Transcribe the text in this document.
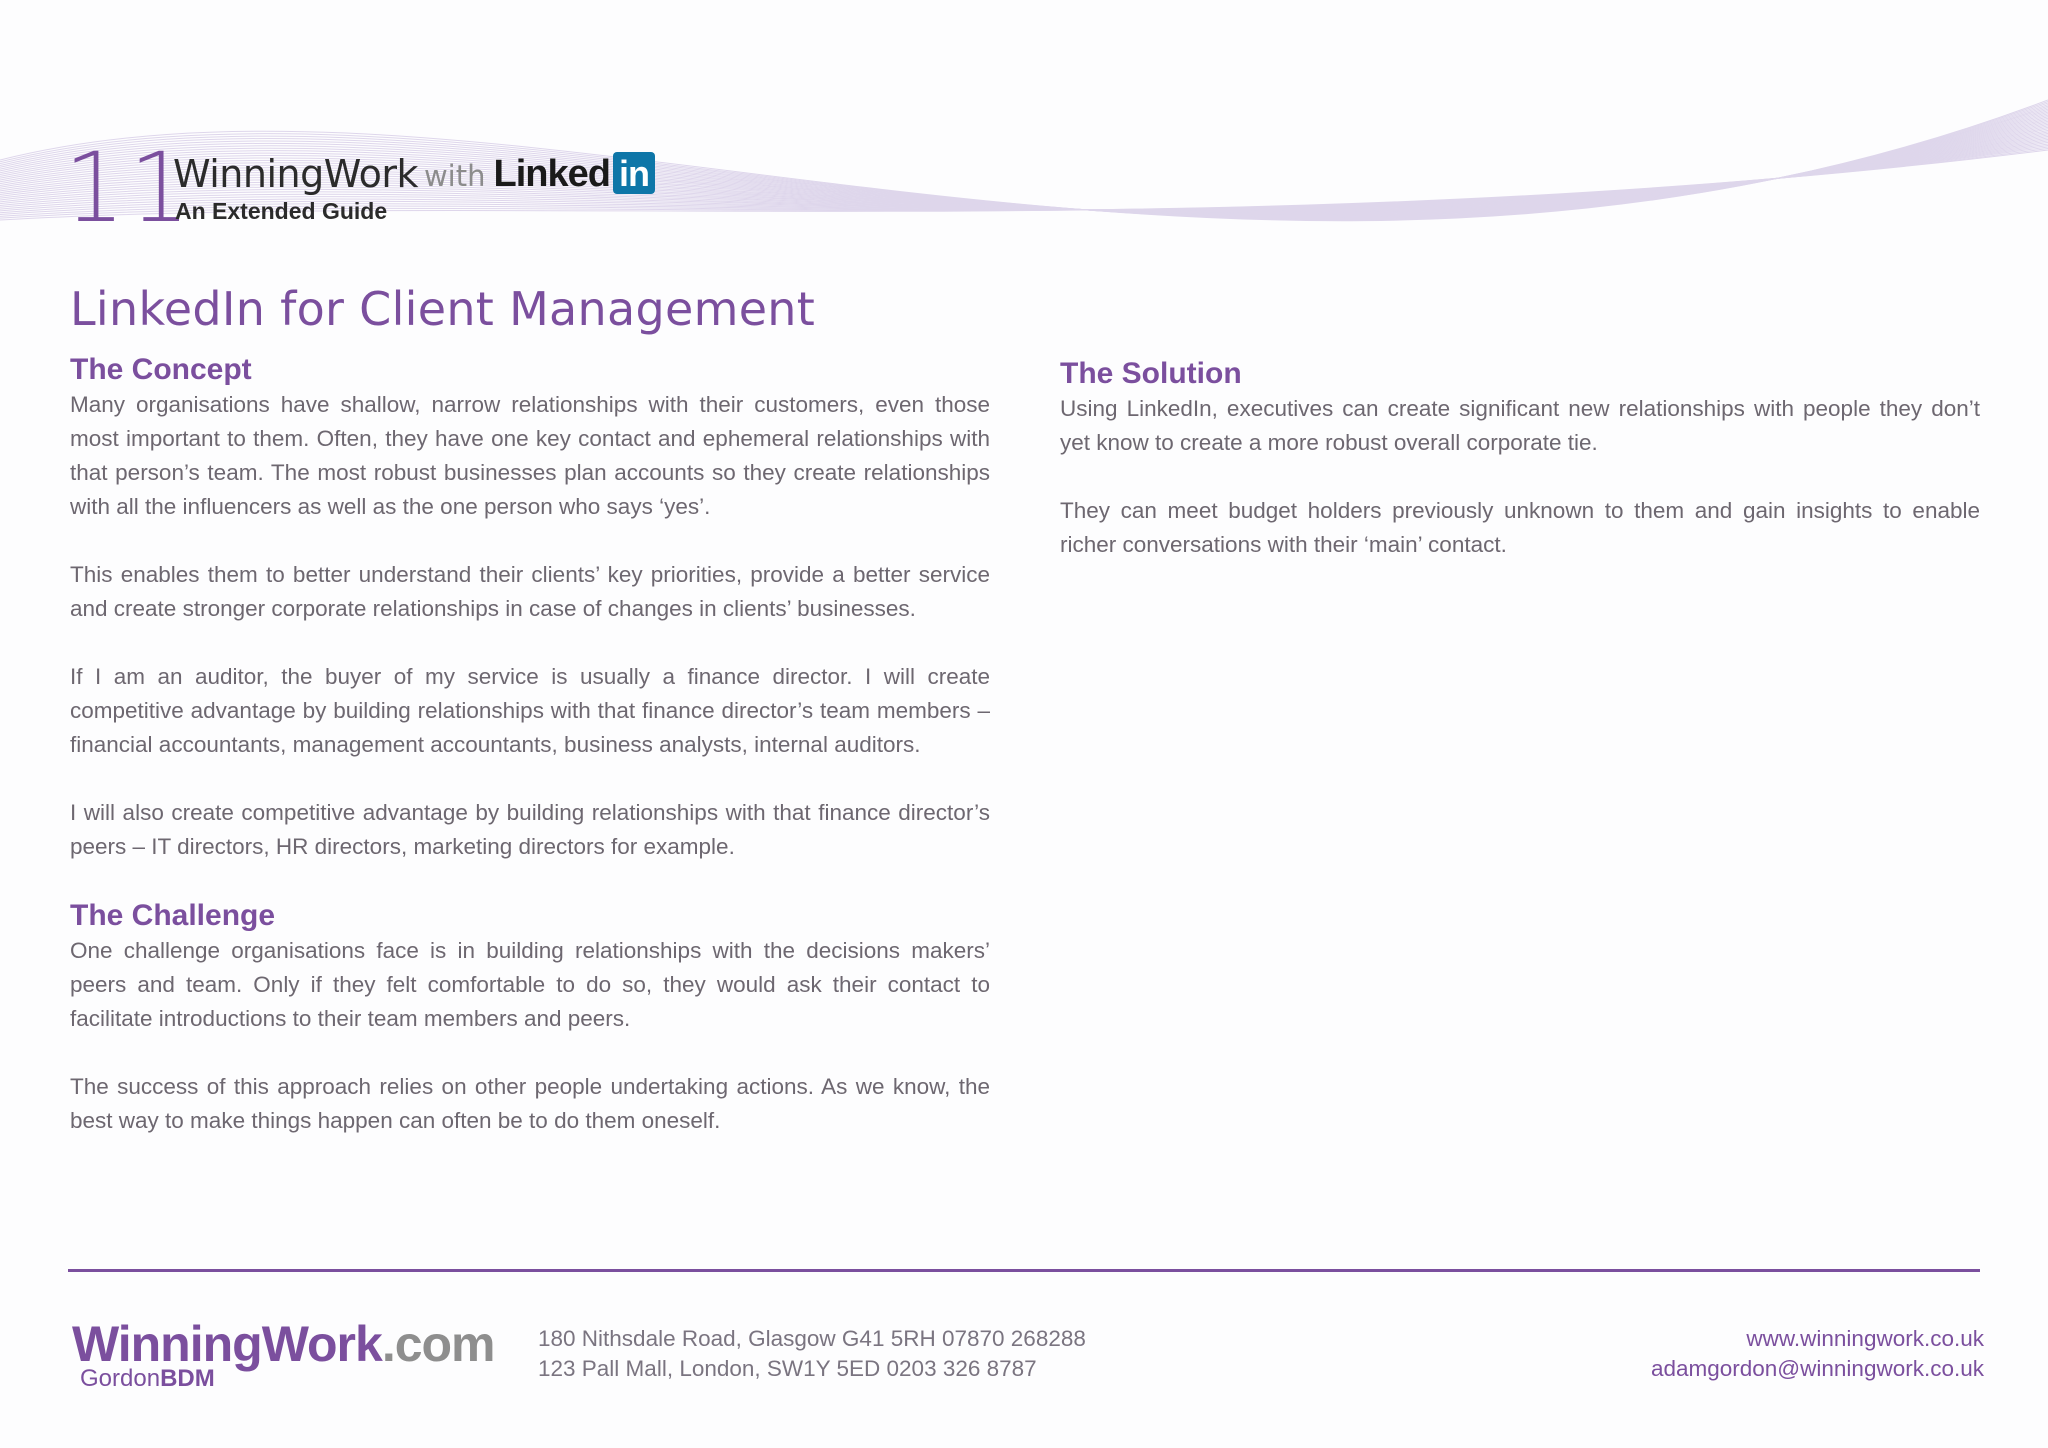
11
WinningWork with Linked in
An Extended Guide
LinkedIn for Client Management
The Concept

Many organisations have shallow, narrow relationships with their customers, even those most important to them. Often, they have one key contact and ephemeral relationships with that person’s team. The most robust businesses plan accounts so they create relationships with all the influencers as well as the one person who says ‘yes’.

This enables them to better understand their clients’ key priorities, provide a better service and create stronger corporate relationships in case of changes in clients’ businesses.

If I am an auditor, the buyer of my service is usually a finance director. I will create competitive advantage by building relationships with that finance director’s team members – financial accountants, management accountants, business analysts, internal auditors.

I will also create competitive advantage by building relationships with that finance director’s peers – IT directors, HR directors, marketing directors for example.

The Challenge

One challenge organisations face is in building relationships with the decisions makers’ peers and team. Only if they felt comfortable to do so, they would ask their contact to facilitate introductions to their team members and peers.

The success of this approach relies on other people undertaking actions. As we know, the best way to make things happen can often be to do them oneself.

The Solution

Using LinkedIn, executives can create significant new relationships with people they don’t yet know to create a more robust overall corporate tie.

They can meet budget holders previously unknown to them and gain insights to enable richer conversations with their ‘main’ contact.

WinningWork.com
GordonBDM
180 Nithsdale Road, Glasgow G41 5RH 07870 268288
123 Pall Mall, London, SW1Y 5ED 0203 326 8787
www.winningwork.co.uk
adamgordon@winningwork.co.uk
